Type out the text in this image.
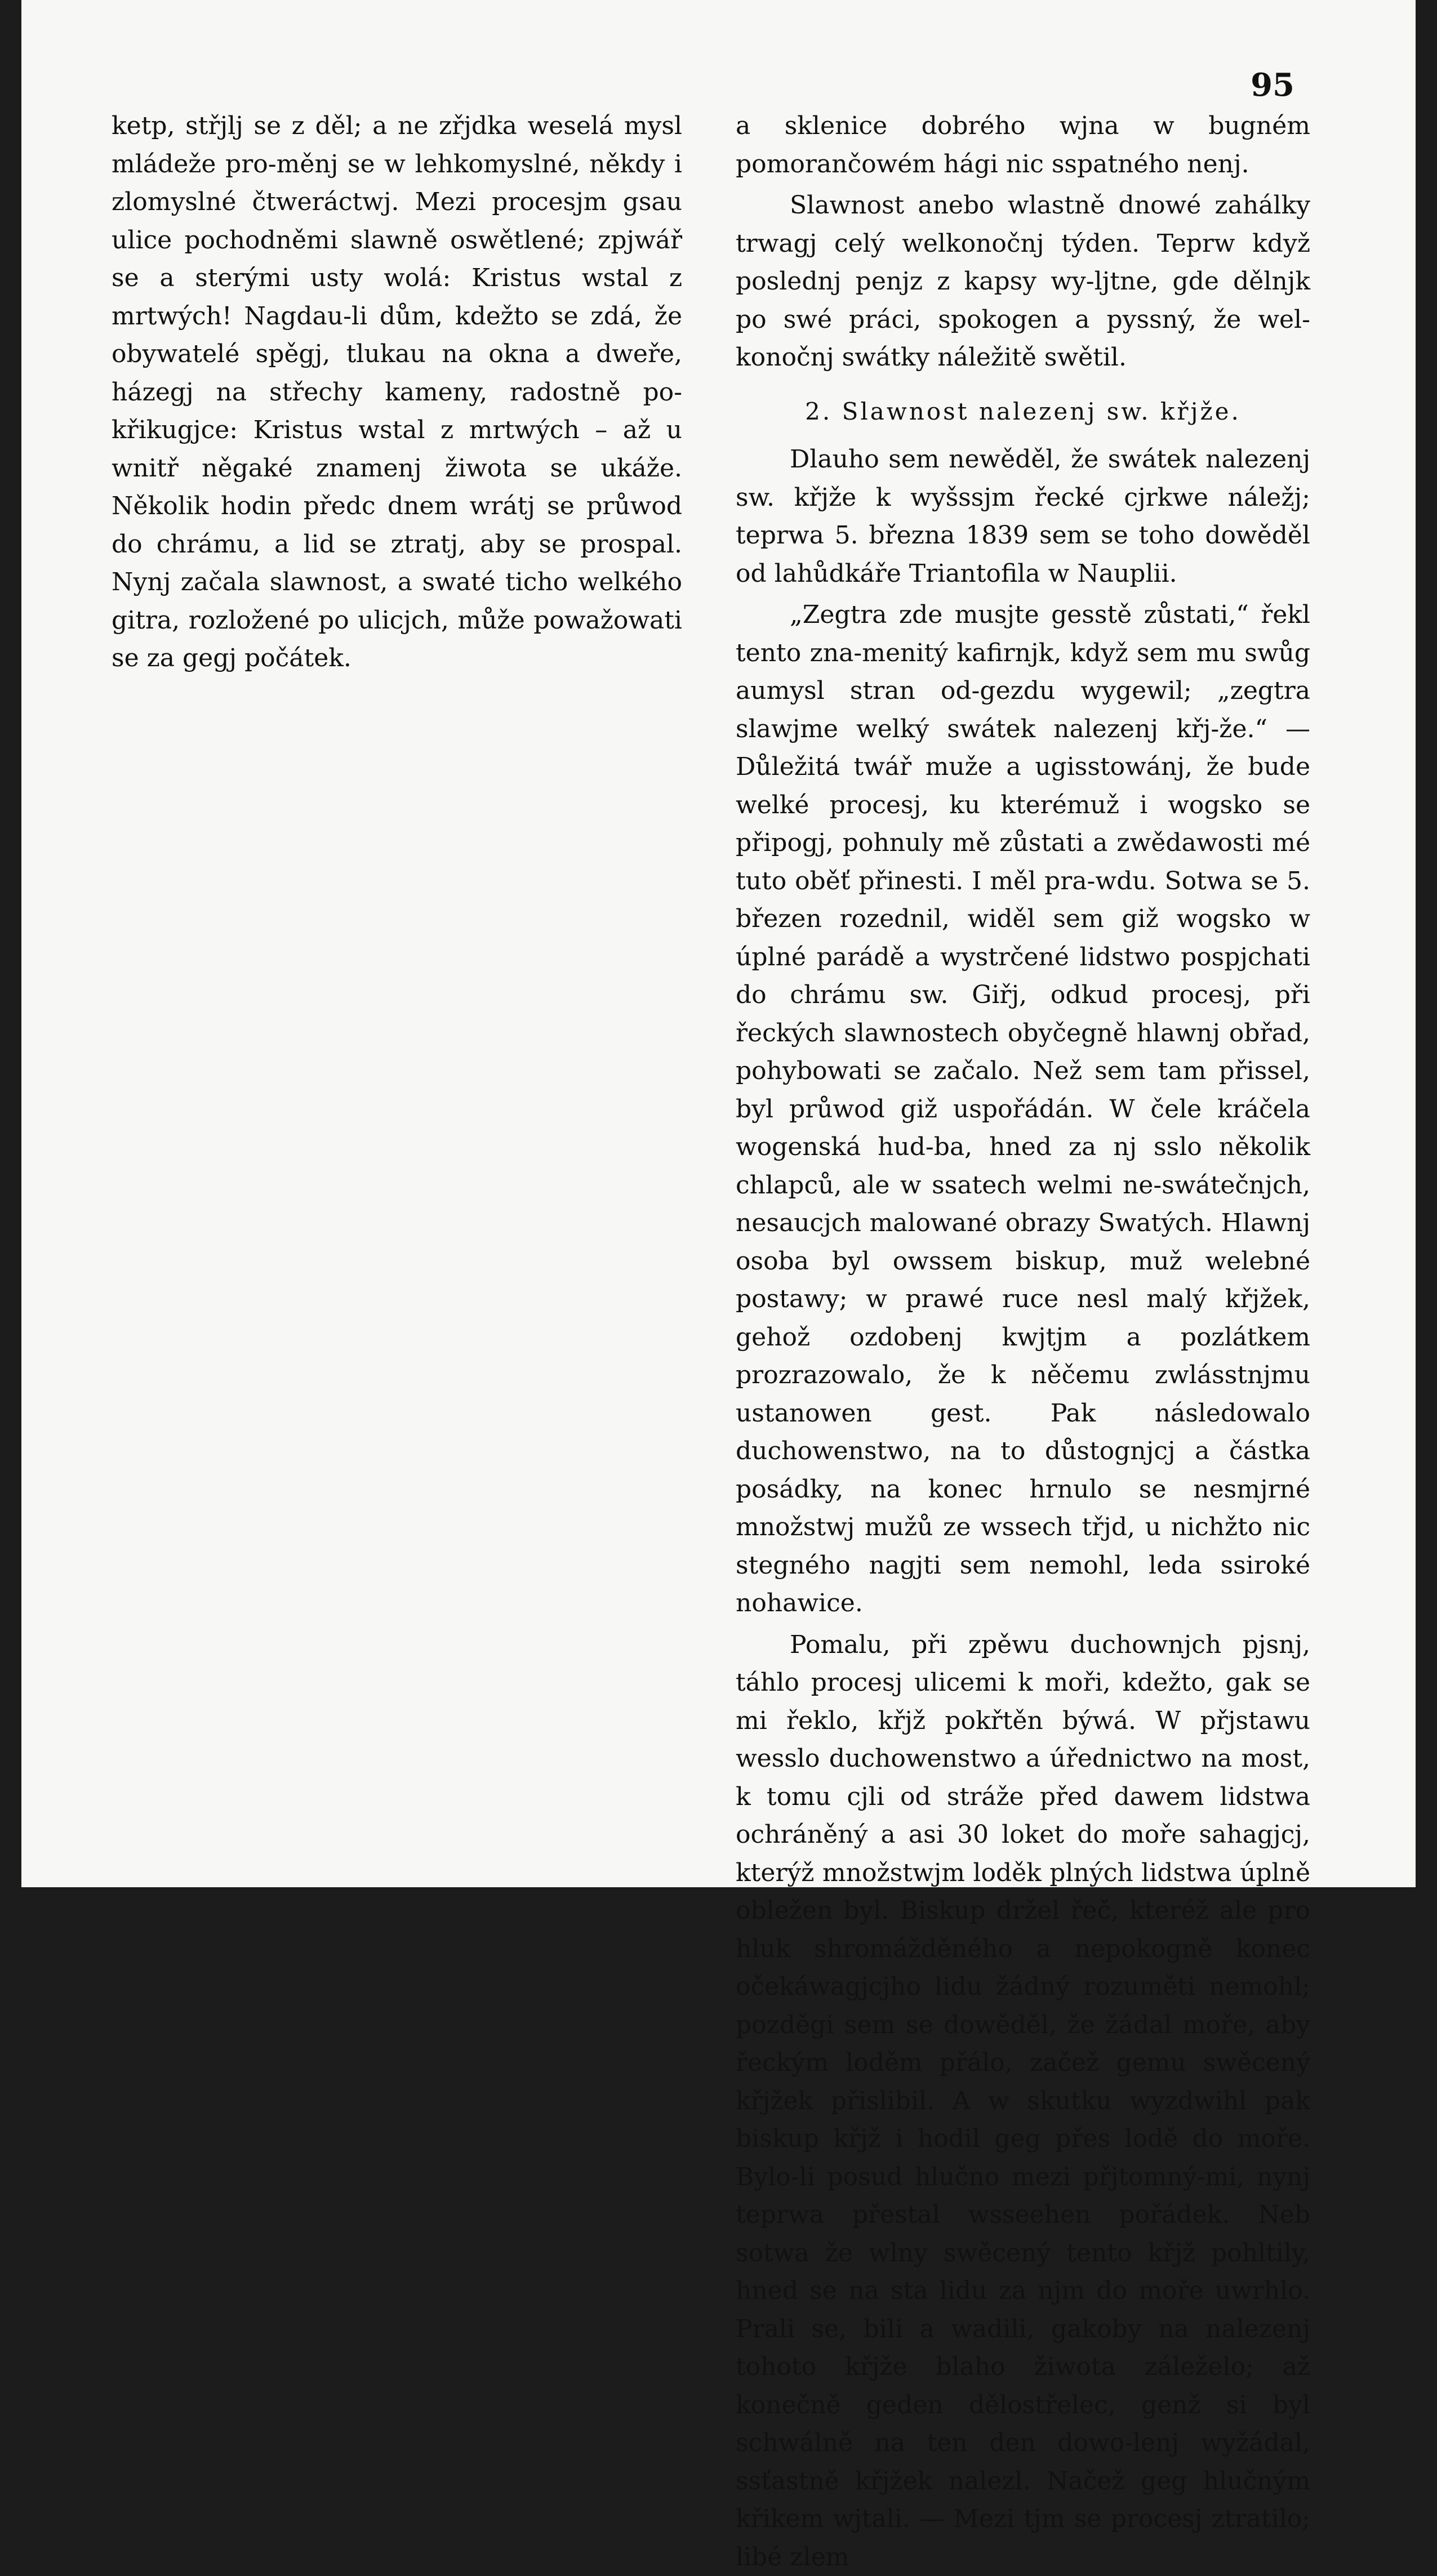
95

ketp, střjlj se z děl; a ne zřjdka weselá mysl mládeže pro-měnj se w lehkomyslné, někdy i zlomyslné čtweráctwj. Mezi procesjm gsau ulice pochodněmi slawně oswětlené; zpjwář se a sterými usty wolá: Kristus wstal z mrtwých! Nagdau-li dům, kdežto se zdá, že obywatelé spěgj, tlukau na okna a dweře, házegj na střechy kameny, radostně po-křikugjce: Kristus wstal z mrtwých – až u wnitř něgaké znamenj žiwota se ukáže. Několik hodin předc dnem wrátj se průwod do chrámu, a lid se ztratj, aby se prospal. Nynj začala slawnost, a swaté ticho welkého gitra, rozložené po ulicjch, může powažowati se za gegj počátek.

a sklenice dobrého wjna w bugném pomorančowém hági nic sspatného nenj.

Slawnost anebo wlastně dnowé zahálky trwagj celý welkonočnj týden. Teprw když poslednj penjz z kapsy wy-ljtne, gde dělnjk po swé práci, spokogen a pyssný, že wel-konočnj swátky náležitě swětil.

2. Slawnost nalezenj sw. křjže.

Dlauho sem newěděl, že swátek nalezenj sw. křjže k wyšssjm řecké cjrkwe náležj; teprwa 5. března 1839 sem se toho dowěděl od lahůdkáře Triantofila w Nauplii.

„Zegtra zde musjte gesstě zůstati,“ řekl tento zna-menitý kafirnjk, když sem mu swůg aumysl stran od-gezdu wygewil; „zegtra slawjme welký swátek nalezenj křj-že.“ — Důležitá twář muže a ugisstowánj, že bude welké procesj, ku kterémuž i wogsko se připogj, pohnuly mě zůstati a zwědawosti mé tuto oběť přinesti. I měl pra-wdu. Sotwa se 5. březen rozednil, widěl sem giž wogsko w úplné parádě a wystrčené lidstwo pospjchati do chrámu sw. Giřj, odkud procesj, při řeckých slawnostech obyčegně hlawnj obřad, pohybowati se začalo. Než sem tam přissel, byl průwod giž uspořádán. W čele kráčela wogenská hud-ba, hned za nj sslo několik chlapců, ale w ssatech welmi ne-swátečnjch, nesaucjch malowané obrazy Swatých. Hlawnj osoba byl owssem biskup, muž welebné postawy; w prawé ruce nesl malý křjžek, gehož ozdobenj kwjtjm a pozlátkem prozrazowalo, že k něčemu zwlásstnjmu ustanowen gest. Pak následowalo duchowenstwo, na to důstognjcj a částka posádky, na konec hrnulo se nesmjrné množstwj mužů ze wssech třjd, u nichžto nic stegného nagjti sem nemohl, leda ssiroké nohawice.

Pomalu, při zpěwu duchownjch pjsnj, táhlo procesj ulicemi k moři, kdežto, gak se mi řeklo, křjž pokřtěn býwá. W přjstawu wesslo duchowenstwo a úřednictwo na most, k tomu cjli od stráže před dawem lidstwa ochráněný a asi 30 loket do moře sahagjcj, kterýž množstwjm loděk plných lidstwa úplně obležen byl. Biskup držel řeč, kteréž ale pro hluk shromážděného a nepokogně konec očekáwagjcjho lidu žádný rozuměti nemohl; pozděgi sem se dowěděl, že žádal moře, aby řeckým loděm přálo, začež gemu swěcený křjžek přislibil. A w skutku wyzdwihl pak biskup křjž i hodil geg přes lodě do moře. Bylo-li posud hlučno mezi přjtomný-mi, nynj teprwa přestal wsseehen pořádek. Neb sotwa že wlny swěcený tento křjž pohltily, hned se na sta lidu za njm do moře uwrhlo. Prali se, bili a wadili, gakoby na nalezenj tohoto křjže blaho žiwota záleželo; až konečně geden dělostřelec, genž si byl schwálně na ten den dowo-lenj wyžádal, ssťastně křjžek nalezl. Načež geg hlučným křikem wjtali. — Mezi tjm se procesj ztratilo; libé zlem
